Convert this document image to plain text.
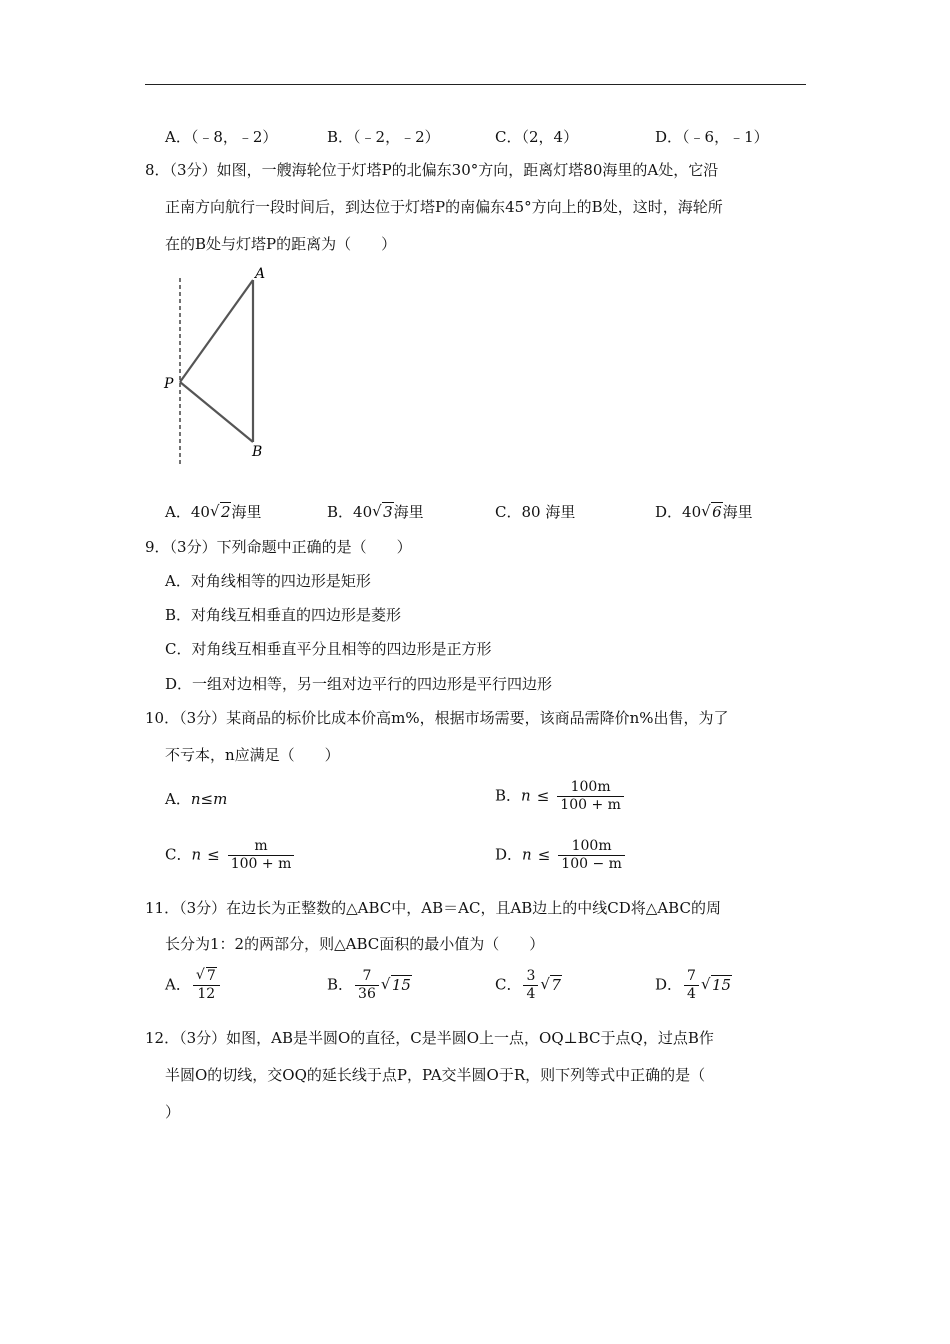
A．（﹣8，﹣2）	B．（﹣2，﹣2）	C．（2，4）	D．（﹣6，﹣1）
8．（3分）如图，一艘海轮位于灯塔P的北偏东30°方向，距离灯塔80海里的A处，它沿
正南方向航行一段时间后，到达位于灯塔P的南偏东45°方向上的B处，这时，海轮所
在的B处与灯塔P的距离为（　　）
A
P
B
A．40 √ 2海里	B．40 √ 3海里	C．80 海里	D．40 √ 6海里
9．（3分）下列命题中正确的是（　　）
A．对角线相等的四边形是矩形
B．对角线互相垂直的四边形是菱形
C．对角线互相垂直平分且相等的四边形是正方形
D．一组对边相等，另一组对边平行的四边形是平行四边形
10．（3分）某商品的标价比成本价高m%，根据市场需要，该商品需降价n%出售，为了
不亏本，n应满足（　　）
A．n≤m	B．$n \le \frac{100m}{100 + m}$
C．$n \le \frac{m}{100 + m}$	D．$n \le \frac{100m}{100 - m}$
11．（3分）在边长为正整数的△ABC中，AB＝AC，且AB边上的中线CD将△ABC的周
长分为1：2的两部分，则△ABC面积的最小值为（　　）
A． $\frac{√ 7}{12}$	B． $\frac{7}{36}$ √ 15	C． $\frac{3}{4}$ √ 7	D． $\frac{7}{4}$ √ 15
12．（3分）如图，AB是半圆O的直径，C是半圆O上一点，OQ⊥BC于点Q，过点B作
半圆O的切线，交OQ的延长线于点P，PA交半圆O于R，则下列等式中正确的是（
）
